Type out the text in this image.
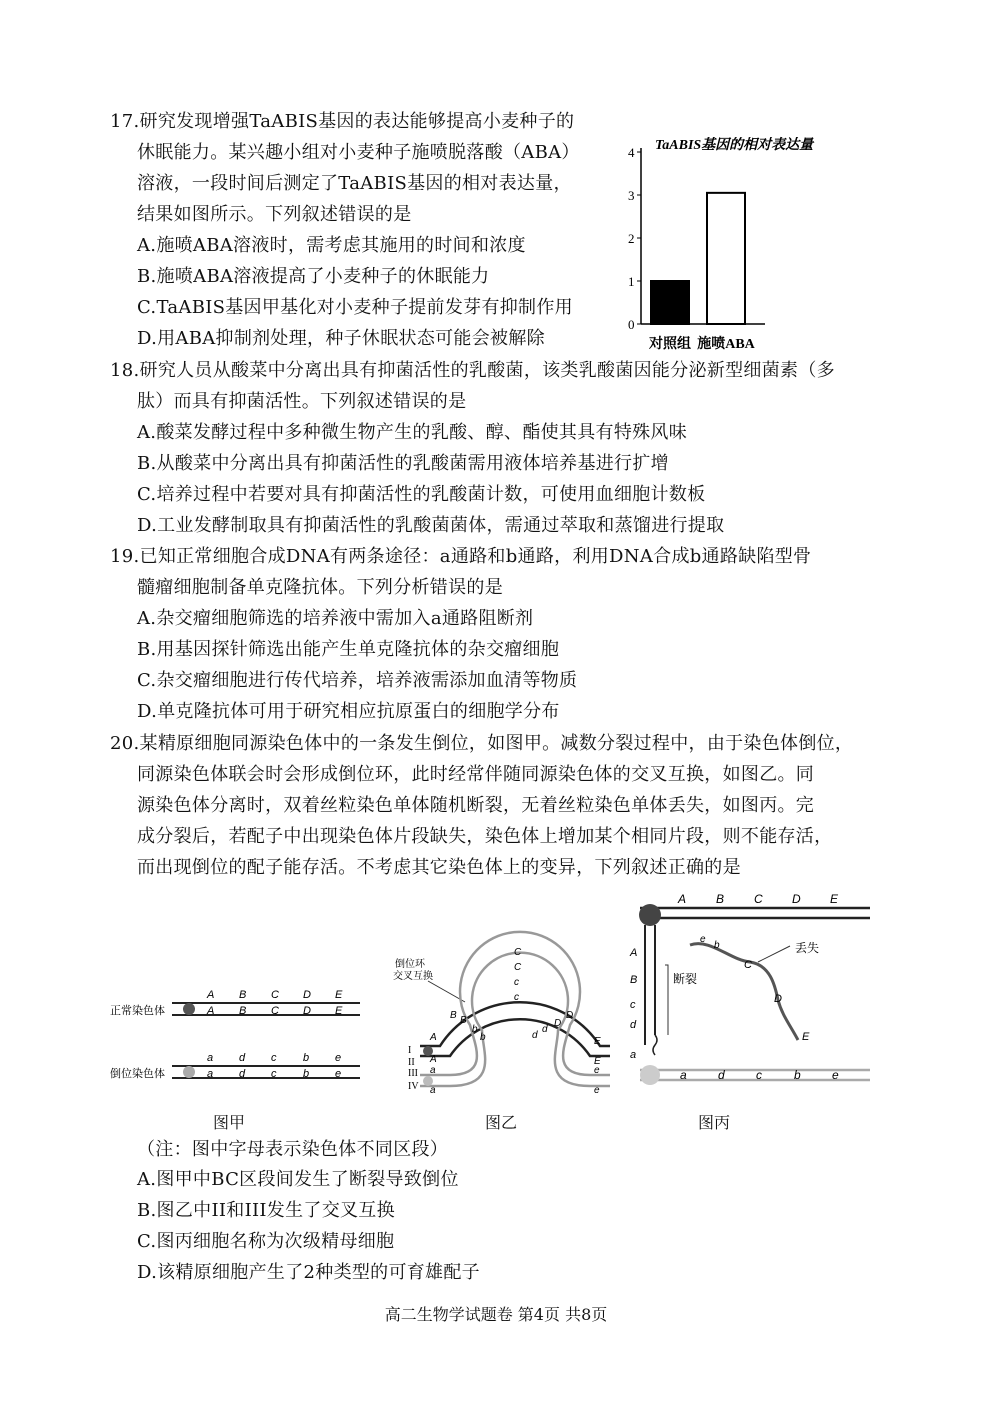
17.研究发现增强TaABIS基因的表达能够提高小麦种子的
休眠能力。某兴趣小组对小麦种子施喷脱落酸（ABA）
溶液，一段时间后测定了TaABIS基因的相对表达量，
结果如图所示。下列叙述错误的是
A.施喷ABA溶液时，需考虑其施用的时间和浓度
B.施喷ABA溶液提高了小麦种子的休眠能力
C.TaABIS基因甲基化对小麦种子提前发芽有抑制作用
D.用ABA抑制剂处理，种子休眠状态可能会被解除
TaABIS基因的相对表达量
0
1
2
3
4
对照组 施喷ABA
18.研究人员从酸菜中分离出具有抑菌活性的乳酸菌，该类乳酸菌因能分泌新型细菌素（多
肽）而具有抑菌活性。下列叙述错误的是
A.酸菜发酵过程中多种微生物产生的乳酸、醇、酯使其具有特殊风味
B.从酸菜中分离出具有抑菌活性的乳酸菌需用液体培养基进行扩增
C.培养过程中若要对具有抑菌活性的乳酸菌计数，可使用血细胞计数板
D.工业发酵制取具有抑菌活性的乳酸菌菌体，需通过萃取和蒸馏进行提取
19.已知正常细胞合成DNA有两条途径：a通路和b通路，利用DNA合成b通路缺陷型骨
髓瘤细胞制备单克隆抗体。下列分析错误的是
A.杂交瘤细胞筛选的培养液中需加入a通路阻断剂
B.用基因探针筛选出能产生单克隆抗体的杂交瘤细胞
C.杂交瘤细胞进行传代培养，培养液需添加血清等物质
D.单克隆抗体可用于研究相应抗原蛋白的细胞学分布
20.某精原细胞同源染色体中的一条发生倒位，如图甲。减数分裂过程中，由于染色体倒位，
同源染色体联会时会形成倒位环，此时经常伴随同源染色体的交叉互换，如图乙。同
源染色体分离时，双着丝粒染色单体随机断裂，无着丝粒染色单体丢失，如图丙。完
成分裂后，若配子中出现染色体片段缺失，染色体上增加某个相同片段，则不能存活，
而出现倒位的配子能存活。不考虑其它染色体上的变异，下列叙述正确的是
正常染色体
A B C D E
A B C D E
倒位染色体
a d c b e
a d c b e
倒位环
交叉互换
I
II
III
IV
A
A
a
a
B B
b
b
C
C
c
c
D
D
d
d
E
E
e
e
A B C D E
A
B
c
d
a
断裂
e
b
C
D
E
丢失
a	d	c	b	e
图甲	图乙	图丙
（注：图中字母表示染色体不同区段）
A.图甲中BC区段间发生了断裂导致倒位
B.图乙中II和III发生了交叉互换
C.图丙细胞名称为次级精母细胞
D.该精原细胞产生了2种类型的可育雄配子
高二生物学试题卷 第4页 共8页
